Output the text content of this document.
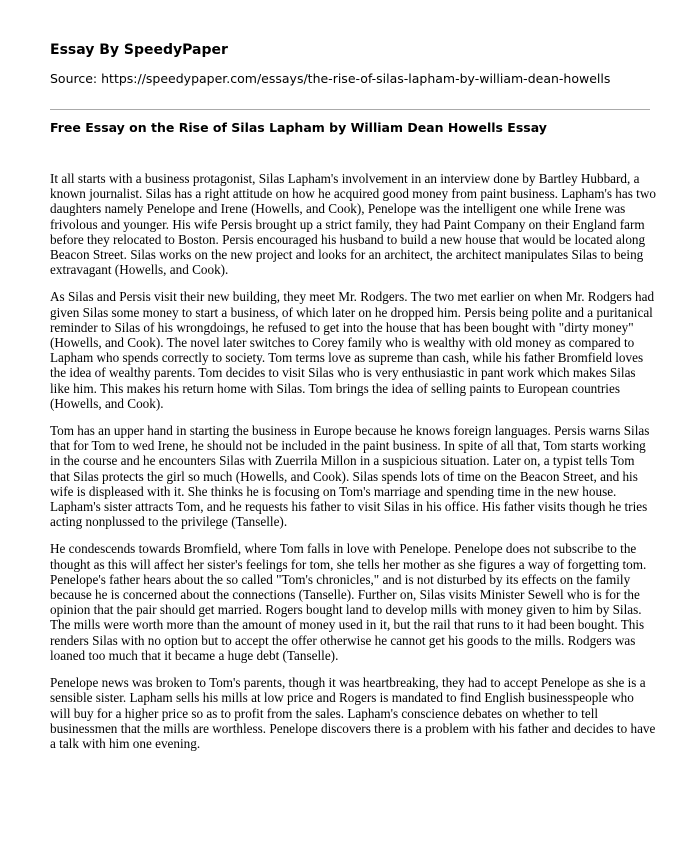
Essay By SpeedyPaper
Source: https://speedypaper.com/essays/the-rise-of-silas-lapham-by-william-dean-howells
Free Essay on the Rise of Silas Lapham by William Dean Howells Essay

It all starts with a business protagonist, Silas Lapham's involvement in an interview done by Bartley Hubbard, a known journalist. Silas has a right attitude on how he acquired good money from paint business. Lapham's has two daughters namely Penelope and Irene (Howells, and Cook), Penelope was the intelligent one while Irene was frivolous and younger. His wife Persis brought up a strict family, they had Paint Company on their England farm before they relocated to Boston. Persis encouraged his husband to build a new house that would be located along Beacon Street. Silas works on the new project and looks for an architect, the architect manipulates Silas to being extravagant (Howells, and Cook).

As Silas and Persis visit their new building, they meet Mr. Rodgers. The two met earlier on when Mr. Rodgers had given Silas some money to start a business, of which later on he dropped him. Persis being polite and a puritanical reminder to Silas of his wrongdoings, he refused to get into the house that has been bought with "dirty money" (Howells, and Cook). The novel later switches to Corey family who is wealthy with old money as compared to Lapham who spends correctly to society. Tom terms love as supreme than cash, while his father Bromfield loves the idea of wealthy parents. Tom decides to visit Silas who is very enthusiastic in pant work which makes Silas like him. This makes his return home with Silas. Tom brings the idea of selling paints to European countries (Howells, and Cook).

Tom has an upper hand in starting the business in Europe because he knows foreign languages. Persis warns Silas that for Tom to wed Irene, he should not be included in the paint business. In spite of all that, Tom starts working in the course and he encounters Silas with Zuerrila Millon in a suspicious situation. Later on, a typist tells Tom that Silas protects the girl so much (Howells, and Cook). Silas spends lots of time on the Beacon Street, and his wife is displeased with it. She thinks he is focusing on Tom's marriage and spending time in the new house. Lapham's sister attracts Tom, and he requests his father to visit Silas in his office. His father visits though he tries acting nonplussed to the privilege (Tanselle).

He condescends towards Bromfield, where Tom falls in love with Penelope. Penelope does not subscribe to the thought as this will affect her sister's feelings for tom, she tells her mother as she figures a way of forgetting tom. Penelope's father hears about the so called "Tom's chronicles," and is not disturbed by its effects on the family because he is concerned about the connections (Tanselle). Further on, Silas visits Minister Sewell who is for the opinion that the pair should get married. Rogers bought land to develop mills with money given to him by Silas. The mills were worth more than the amount of money used in it, but the rail that runs to it had been bought. This renders Silas with no option but to accept the offer otherwise he cannot get his goods to the mills. Rodgers was loaned too much that it became a huge debt (Tanselle).

Penelope news was broken to Tom's parents, though it was heartbreaking, they had to accept Penelope as she is a sensible sister. Lapham sells his mills at low price and Rogers is mandated to find English businesspeople who will buy for a higher price so as to profit from the sales. Lapham's conscience debates on whether to tell businessmen that the mills are worthless. Penelope discovers there is a problem with his father and decides to have a talk with him one evening.
